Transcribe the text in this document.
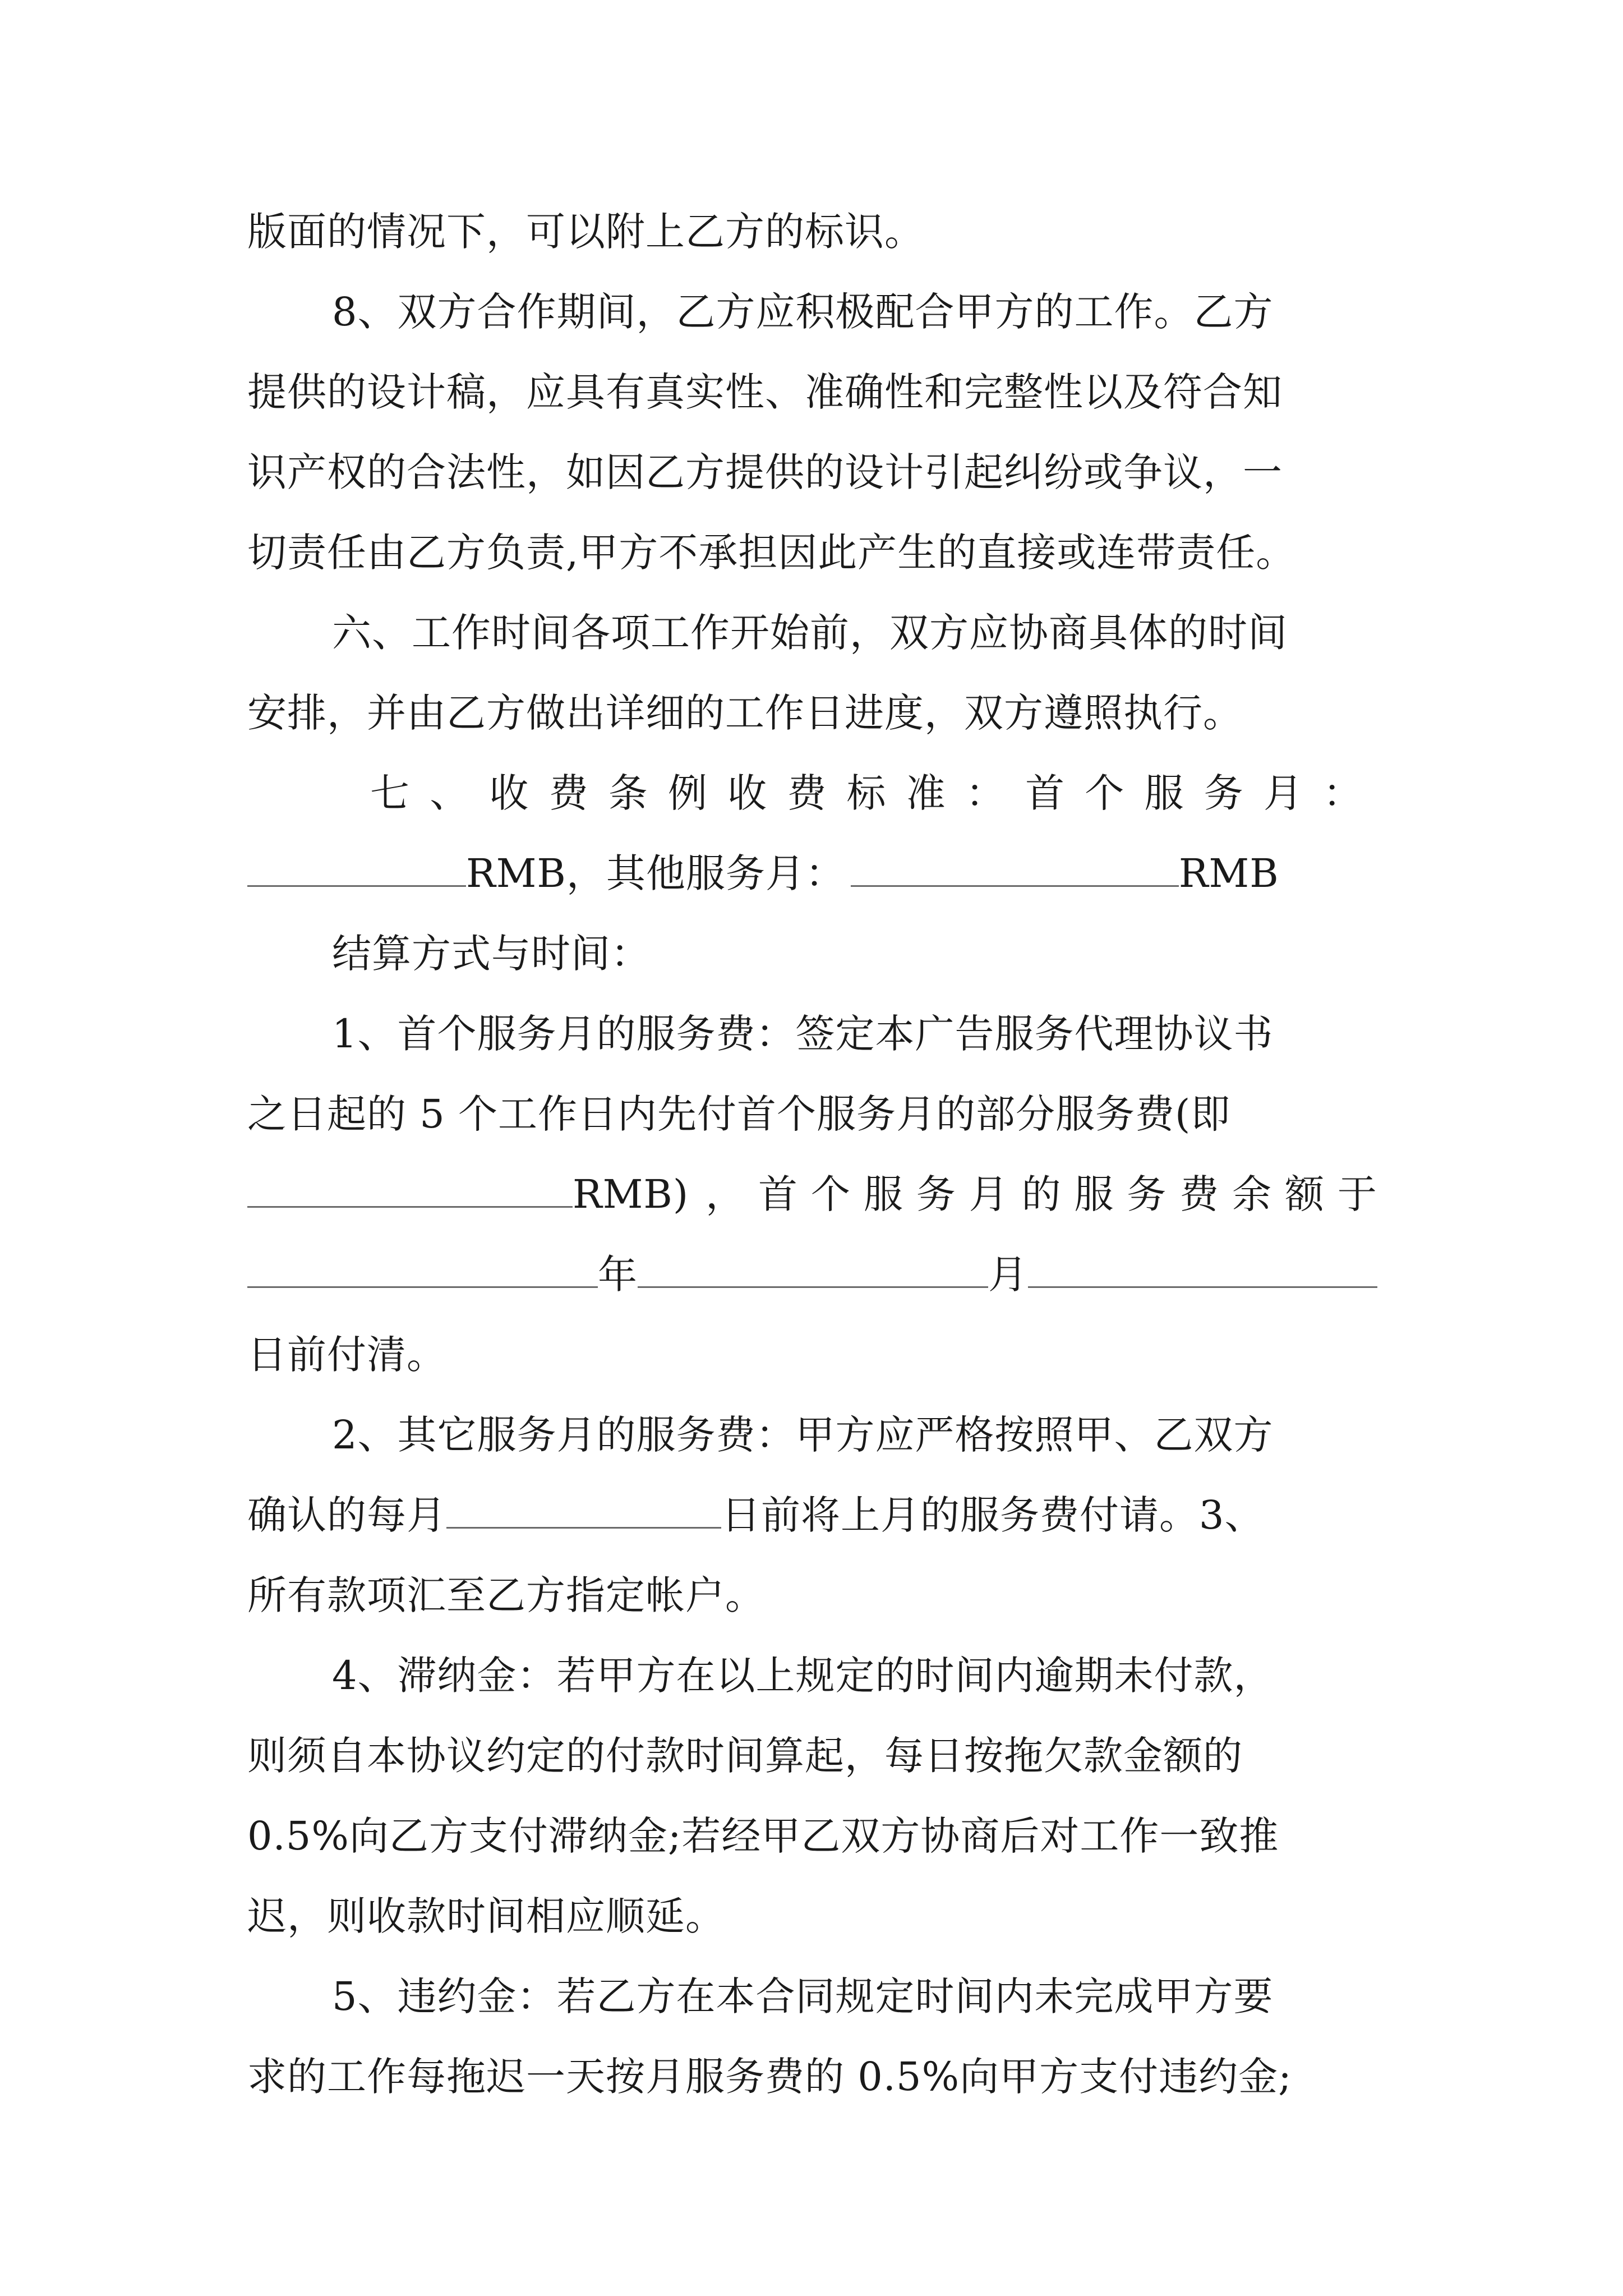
版面的情况下，可以附上乙方的标识。
8、双方合作期间，乙方应积极配合甲方的工作。乙方
提供的设计稿，应具有真实性、准确性和完整性以及符合知
识产权的合法性，如因乙方提供的设计引起纠纷或争议，一
切责任由乙方负责,甲方不承担因此产生的直接或连带责任。
六、工作时间各项工作开始前，双方应协商具体的时间
安排，并由乙方做出详细的工作日进度，双方遵照执行。
七 、 收 费 条 例 收 费 标 准 ： 首 个 服 务 月 ：
RMB，其他服务月：	RMB
结算方式与时间：
1、首个服务月的服务费：签定本广告服务代理协议书
之日起的 5 个工作日内先付首个服务月的部分服务费(即
RMB) ， 首 个 服 务 月 的 服 务 费 余 额 于
年	月
日前付清。
2、其它服务月的服务费：甲方应严格按照甲、乙双方
确认的每月	日前将上月的服务费付请。3、
所有款项汇至乙方指定帐户。
4、滞纳金：若甲方在以上规定的时间内逾期未付款，
则须自本协议约定的付款时间算起，每日按拖欠款金额的
0.5%向乙方支付滞纳金;若经甲乙双方协商后对工作一致推
迟，则收款时间相应顺延。
5、违约金：若乙方在本合同规定时间内未完成甲方要
求的工作每拖迟一天按月服务费的 0.5%向甲方支付违约金;
